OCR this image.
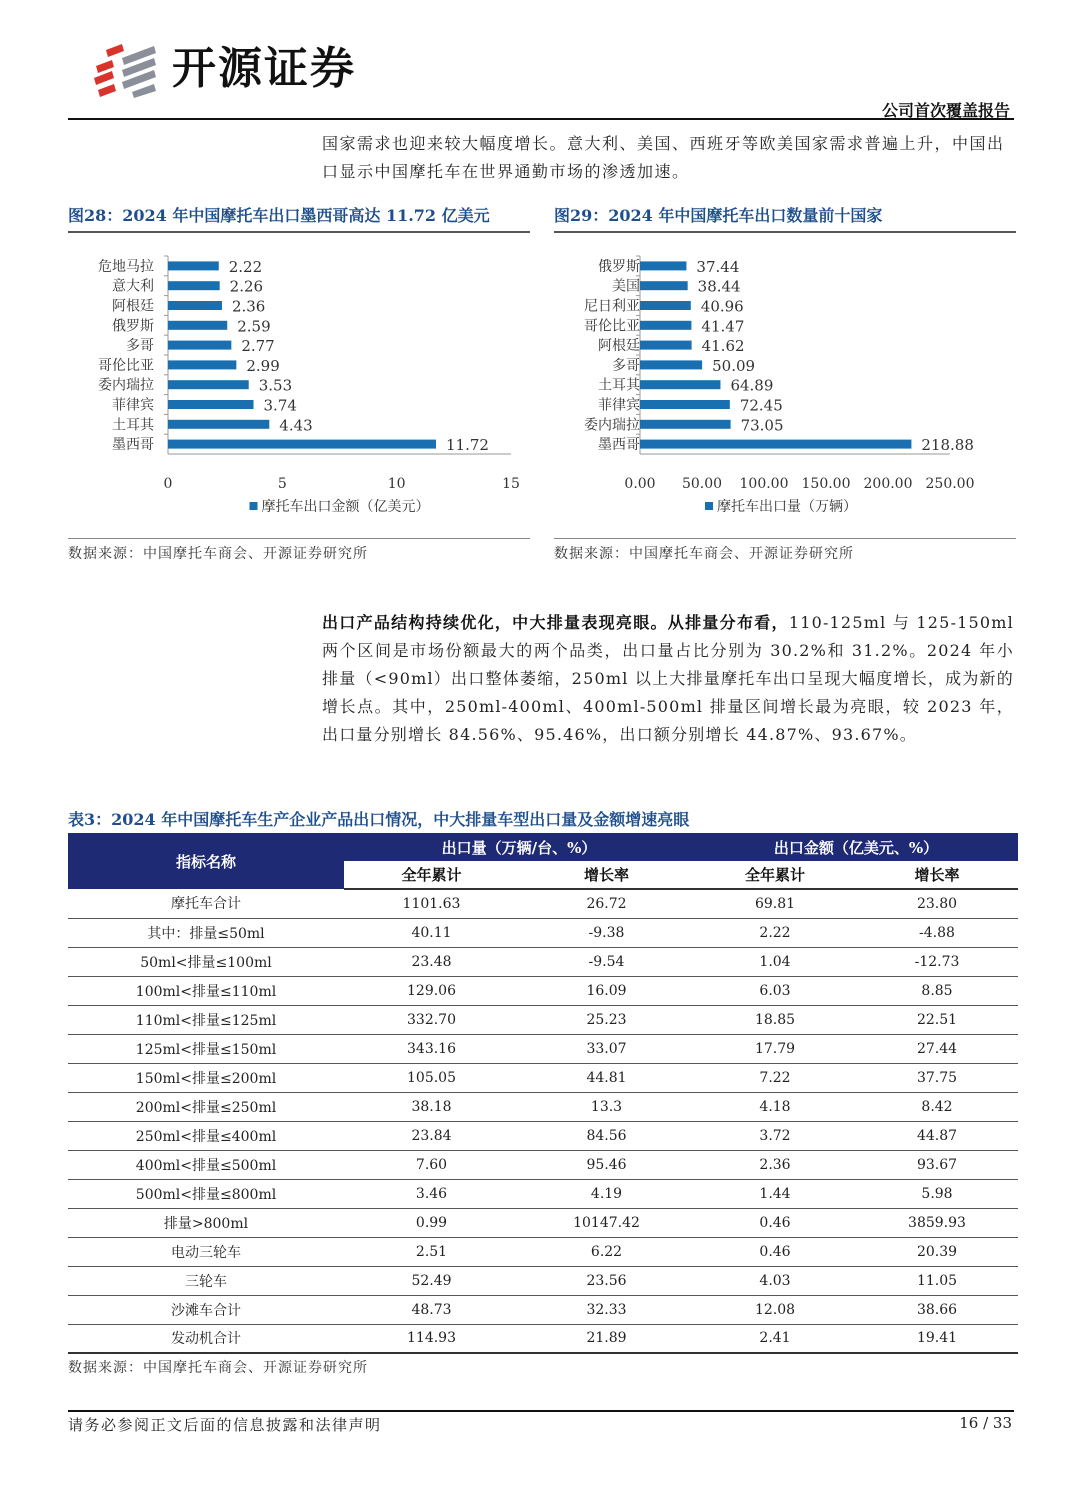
开源证券
公司首次覆盖报告
国家需求也迎来较大幅度增长。意大利、美国、西班牙等欧美国家需求普遍上升，中国出口显示中国摩托车在世界通勤市场的渗透加速。
图28：2024 年中国摩托车出口墨西哥高达 11.72 亿美元	图29：2024 年中国摩托车出口数量前十国家
危地马拉	2.22
意大利	2.26
阿根廷	2.36
俄罗斯	2.59
多哥	2.77
哥伦比亚	2.99
委内瑞拉	3.53
菲律宾	3.74
土耳其	4.43
墨西哥	11.72
0	5	10	15
摩托车出口金额（亿美元）
俄罗斯	37.44
美国	38.44
尼日利亚	40.96
哥伦比亚	41.47
阿根廷	41.62
多哥	50.09
土耳其	64.89
菲律宾	72.45
委内瑞拉	73.05
墨西哥	218.88
0.00 50.00 100.00 150.00 200.00 250.00
摩托车出口量（万辆）
数据来源：中国摩托车商会、开源证券研究所	数据来源：中国摩托车商会、开源证券研究所
出口产品结构持续优化，中大排量表现亮眼。从排量分布看，110-125ml 与 125-150ml 两个区间是市场份额最大的两个品类，出口量占比分别为 30.2%和 31.2%。2024 年小排量（<90ml）出口整体萎缩，250ml 以上大排量摩托车出口呈现大幅度增长，成为新的增长点。其中，250ml-400ml、400ml-500ml 排量区间增长最为亮眼，较 2023 年，出口量分别增长 84.56%、95.46%，出口额分别增长 44.87%、93.67%。
表3：2024 年中国摩托车生产企业产品出口情况，中大排量车型出口量及金额增速亮眼
指标名称	出口量（万辆/台、%）		出口金额（亿美元、%）	
	全年累计	增长率	全年累计	增长率
摩托车合计	1101.63	26.72	69.81	23.80
其中：排量≤50ml	40.11	-9.38	2.22	-4.88
50ml<排量≤100ml	23.48	-9.54	1.04	-12.73
100ml<排量≤110ml	129.06	16.09	6.03	8.85
110ml<排量≤125ml	332.70	25.23	18.85	22.51
125ml<排量≤150ml	343.16	33.07	17.79	27.44
150ml<排量≤200ml	105.05	44.81	7.22	37.75
200ml<排量≤250ml	38.18	13.3	4.18	8.42
250ml<排量≤400ml	23.84	84.56	3.72	44.87
400ml<排量≤500ml	7.60	95.46	2.36	93.67
500ml<排量≤800ml	3.46	4.19	1.44	5.98
排量>800ml	0.99	10147.42	0.46	3859.93
电动三轮车	2.51	6.22	0.46	20.39
三轮车	52.49	23.56	4.03	11.05
沙滩车合计	48.73	32.33	12.08	38.66
发动机合计	114.93	21.89	2.41	19.41
数据来源：中国摩托车商会、开源证券研究所
请务必参阅正文后面的信息披露和法律声明	16 / 33
